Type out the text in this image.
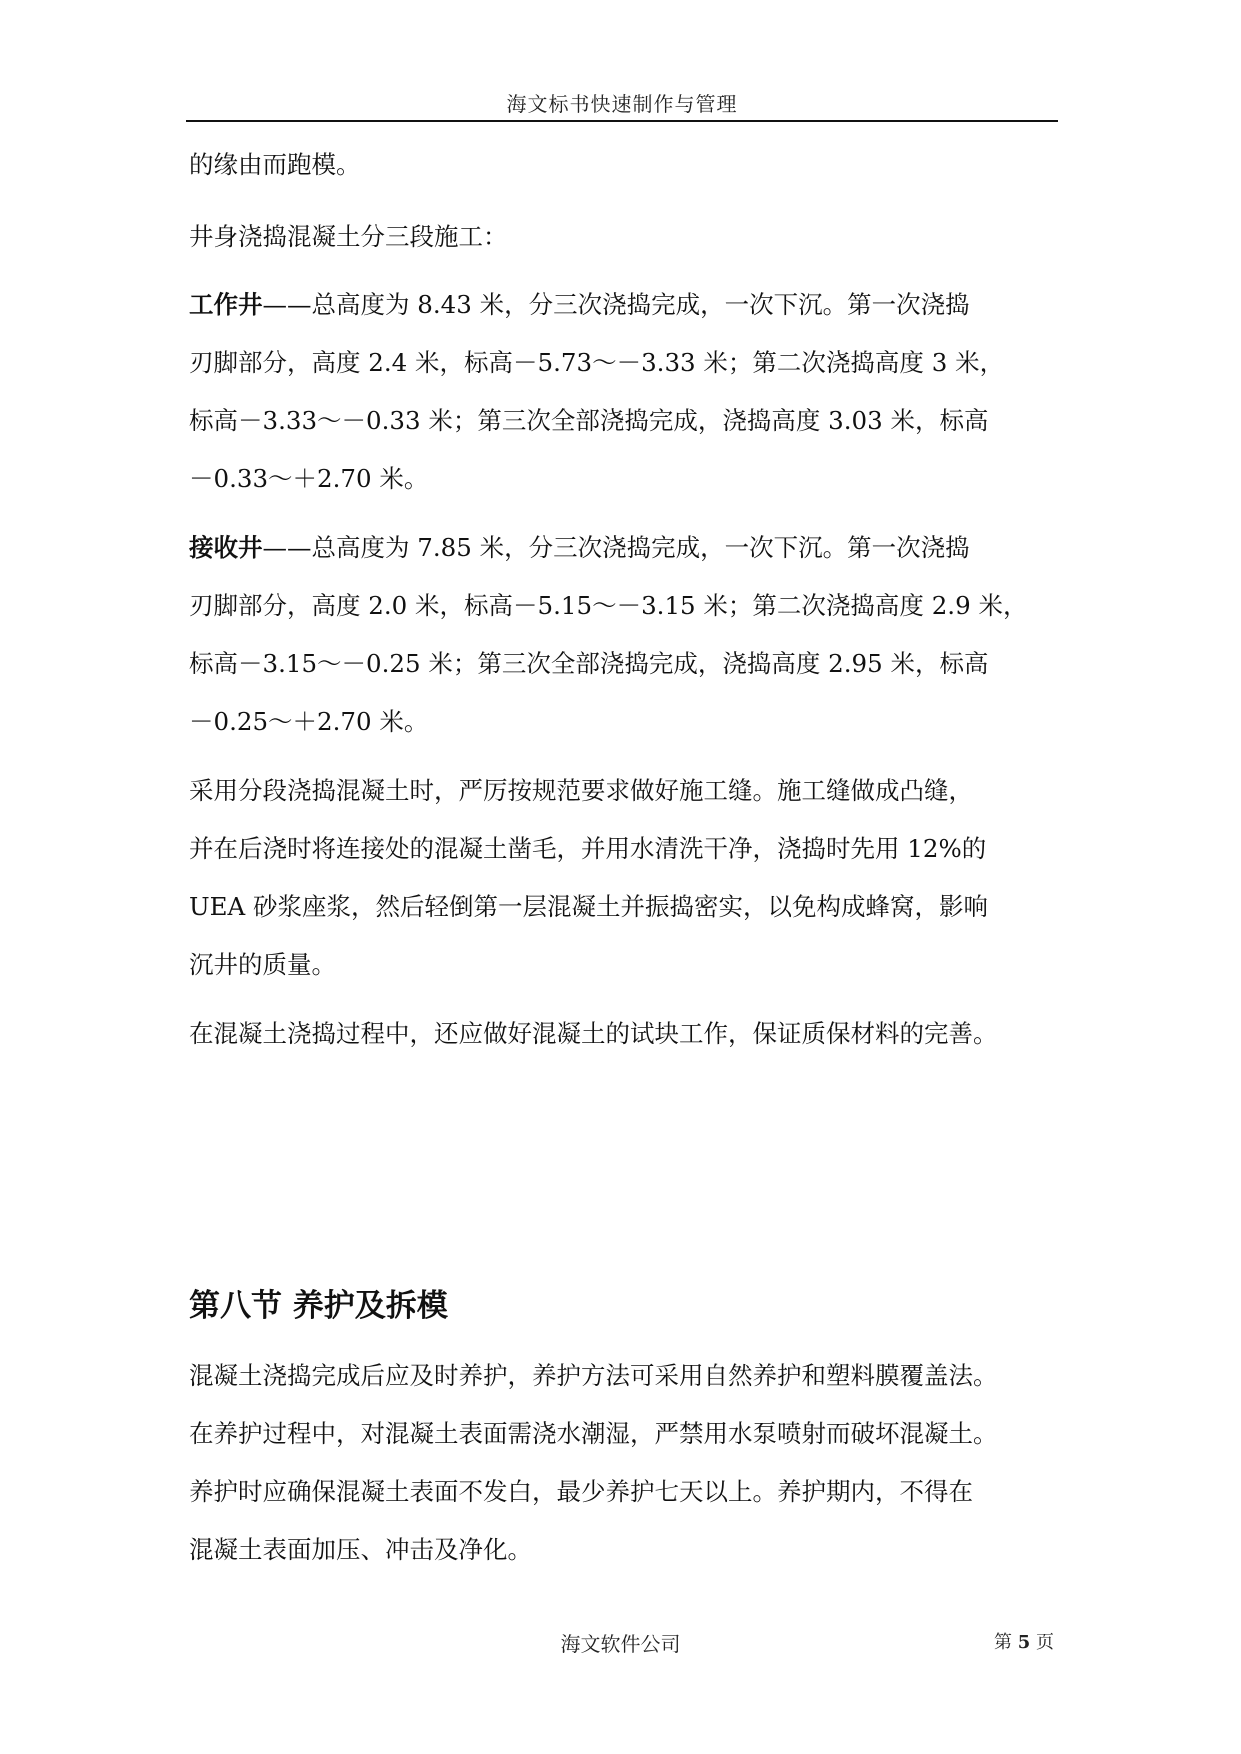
海文标书快速制作与管理
的缘由而跑模。
井身浇捣混凝土分三段施工：
工作井——总高度为 8.43 米，分三次浇捣完成，一次下沉。第一次浇捣
刃脚部分，高度 2.4 米，标高－5.73～－3.33 米；第二次浇捣高度 3 米，
标高－3.33～－0.33 米；第三次全部浇捣完成，浇捣高度 3.03 米，标高
－0.33～＋2.70 米。
接收井——总高度为 7.85 米，分三次浇捣完成，一次下沉。第一次浇捣
刃脚部分，高度 2.0 米，标高－5.15～－3.15 米；第二次浇捣高度 2.9 米，
标高－3.15～－0.25 米；第三次全部浇捣完成，浇捣高度 2.95 米，标高
－0.25～＋2.70 米。
采用分段浇捣混凝土时，严厉按规范要求做好施工缝。施工缝做成凸缝，
并在后浇时将连接处的混凝土凿毛，并用水清洗干净，浇捣时先用 12%的
UEA 砂浆座浆，然后轻倒第一层混凝土并振捣密实，以免构成蜂窝，影响
沉井的质量。
在混凝土浇捣过程中，还应做好混凝土的试块工作，保证质保材料的完善。
第八节 养护及拆模
混凝土浇捣完成后应及时养护，养护方法可采用自然养护和塑料膜覆盖法。
在养护过程中，对混凝土表面需浇水潮湿，严禁用水泵喷射而破坏混凝土。
养护时应确保混凝土表面不发白，最少养护七天以上。养护期内，不得在
混凝土表面加压、冲击及净化。
海文软件公司	第 5 页
